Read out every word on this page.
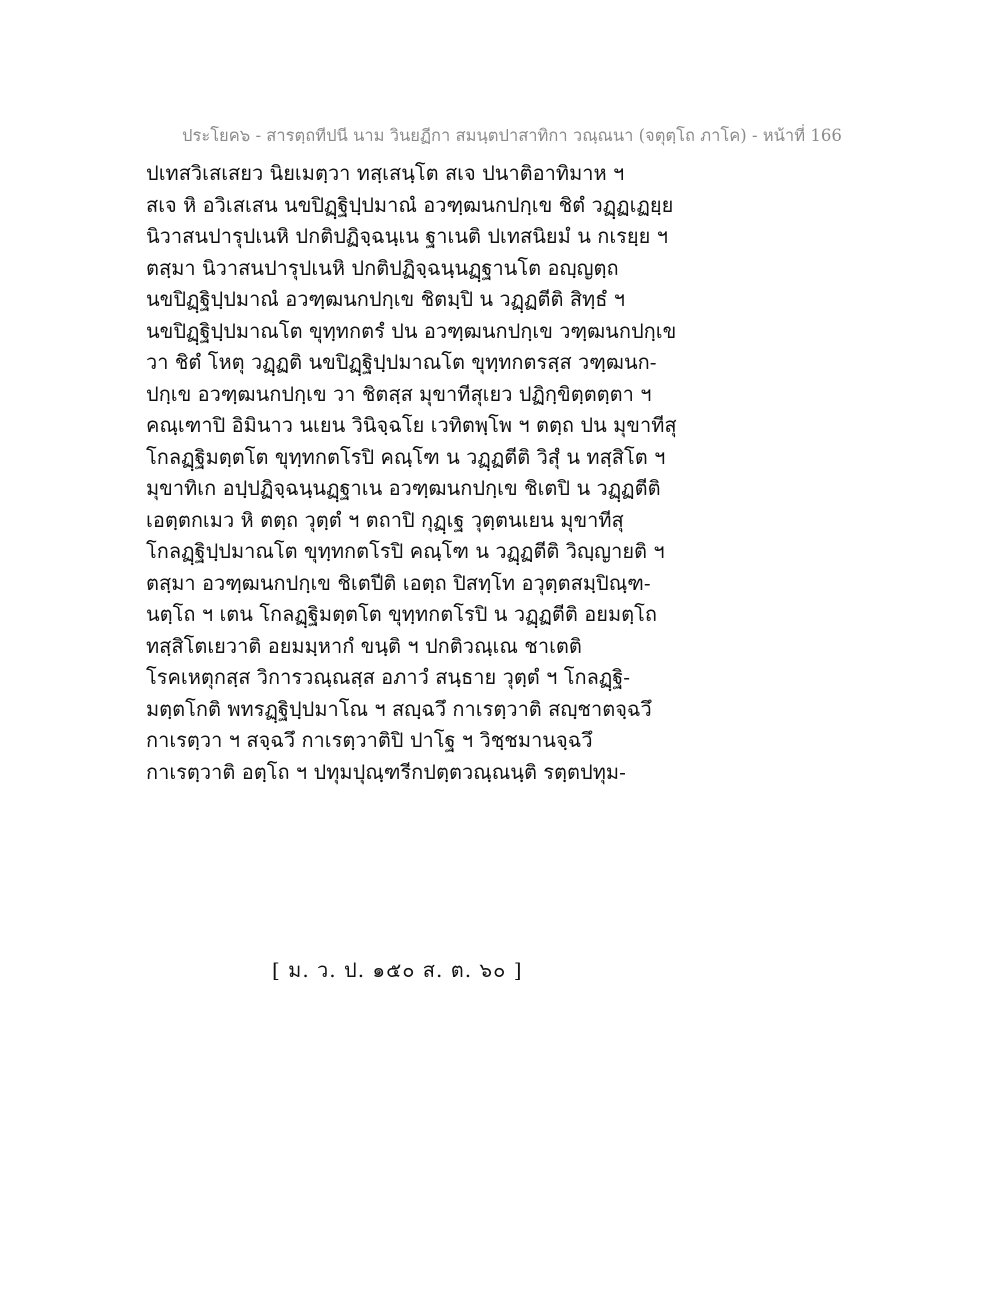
ประโยค๖ - สารตฺถทีปนี นาม วินยฏีกา สมนฺตปาสาทิกา วณฺณนา (จตุตฺโถ ภาโค) - หน้าที่ 166
ปเทสวิเสเสยว นิยเมตฺวา ทสฺเสนฺโต สเจ ปนาติอาทิมาห ฯ
สเจ หิ อวิเสเสน นขปิฏฺฐิปฺปมาณํ อวฑฺฒนกปกฺเข ชิตํ วฏฺฏเฏยฺย
นิวาสนปารุปเนหิ ปกติปฏิจฺฉนฺเน ฐาเนติ ปเทสนิยมํ น กเรยฺย ฯ
ตสฺมา นิวาสนปารุปเนหิ ปกติปฏิจฺฉนฺนฏฺฐานโต อญฺญตฺถ
นขปิฏฺฐิปฺปมาณํ อวฑฺฒนกปกฺเข ชิตมฺปิ น วฏฺฏตีติ สิทฺธํ ฯ
นขปิฏฺฐิปฺปมาณโต ขุทฺทกตรํ ปน อวฑฺฒนกปกฺเข วฑฺฒนกปกฺเข
วา ชิตํ โหตุ วฏฺฏติ นขปิฏฺฐิปฺปมาณโต ขุทฺทกตรสฺส วฑฺฒนก-
ปกฺเข อวฑฺฒนกปกฺเข วา ชิตสฺส มุขาทีสุเยว ปฏิกฺขิตฺตตฺตา ฯ
คณฺเฑาปิ อิมินาว นเยน วินิจฺฉโย เวทิตพฺโพ ฯ ตตฺถ ปน มุขาทีสุ
โกลฏฺฐิมตฺตโต ขุทฺทกตโรปิ คณฺโฑ น วฏฺฏตีติ วิสุํ น ทสฺสิโต ฯ
มุขาทิเก อปฺปฏิจฺฉนฺนฏฺฐาเน อวฑฺฒนกปกฺเข ชิเตปิ น วฏฺฏตีติ
เอตฺตกเมว หิ ตตฺถ วุตฺตํ ฯ ตถาปิ กุฏฺเฐ วุตฺตนเยน มุขาทีสุ
โกลฏฺฐิปฺปมาณโต ขุทฺทกตโรปิ คณฺโฑ น วฏฺฏตีติ วิญฺญายติ ฯ
ตสฺมา อวฑฺฒนกปกฺเข ชิเตปีติ เอตฺถ ปิสทฺโท อวุตฺตสมฺปิณฺฑ-
นตฺโถ ฯ เตน โกลฏฺฐิมตฺตโต ขุทฺทกตโรปิ น วฏฺฏตีติ อยมตฺโถ
ทสฺสิโตเยวาติ อยมมฺหากํ ขนฺติ ฯ ปกติวณฺเณ ชาเตติ
โรคเหตุกสฺส วิการวณฺณสฺส อภาวํ สนฺธาย วุตฺตํ ฯ โกลฏฺฐิ-
มตฺตโกติ พทรฏฺฐิปฺปมาโณ ฯ สญฺฉวึ กาเรตฺวาติ สญฺชาตจฺฉวึ
กาเรตฺวา ฯ สจฺฉวึ กาเรตฺวาติปิ ปาโฐ ฯ วิชฺชมานจฺฉวึ
กาเรตฺวาติ อตฺโถ ฯ ปทุมปุณฺฑรีกปตฺตวณฺณนฺติ รตฺตปทุม-
[ ม. ว. ป. ๑๕๐ ส. ต. ๖๐ ]
